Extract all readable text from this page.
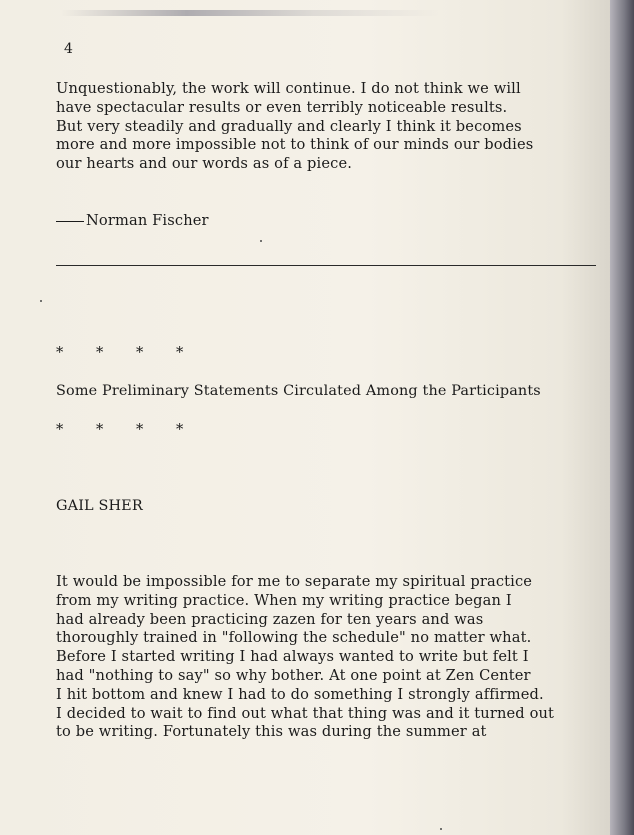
4
Unquestionably, the work will continue. I do not think we will
have spectacular results or even terribly noticeable results.
But very steadily and gradually and clearly I think it becomes
more and more impossible not to think of our minds our bodies
our hearts and our words as of a piece.
Norman Fischer
* * * *
Some Preliminary Statements Circulated Among the Participants
* * * *
GAIL SHER
It would be impossible for me to separate my spiritual practice
from my writing practice. When my writing practice began I
had already been practicing zazen for ten years and was
thoroughly trained in "following the schedule" no matter what.
Before I started writing I had always wanted to write but felt I
had "nothing to say" so why bother. At one point at Zen Center
I hit bottom and knew I had to do something I strongly affirmed.
I decided to wait to find out what that thing was and it turned out
to be writing. Fortunately this was during the summer at
